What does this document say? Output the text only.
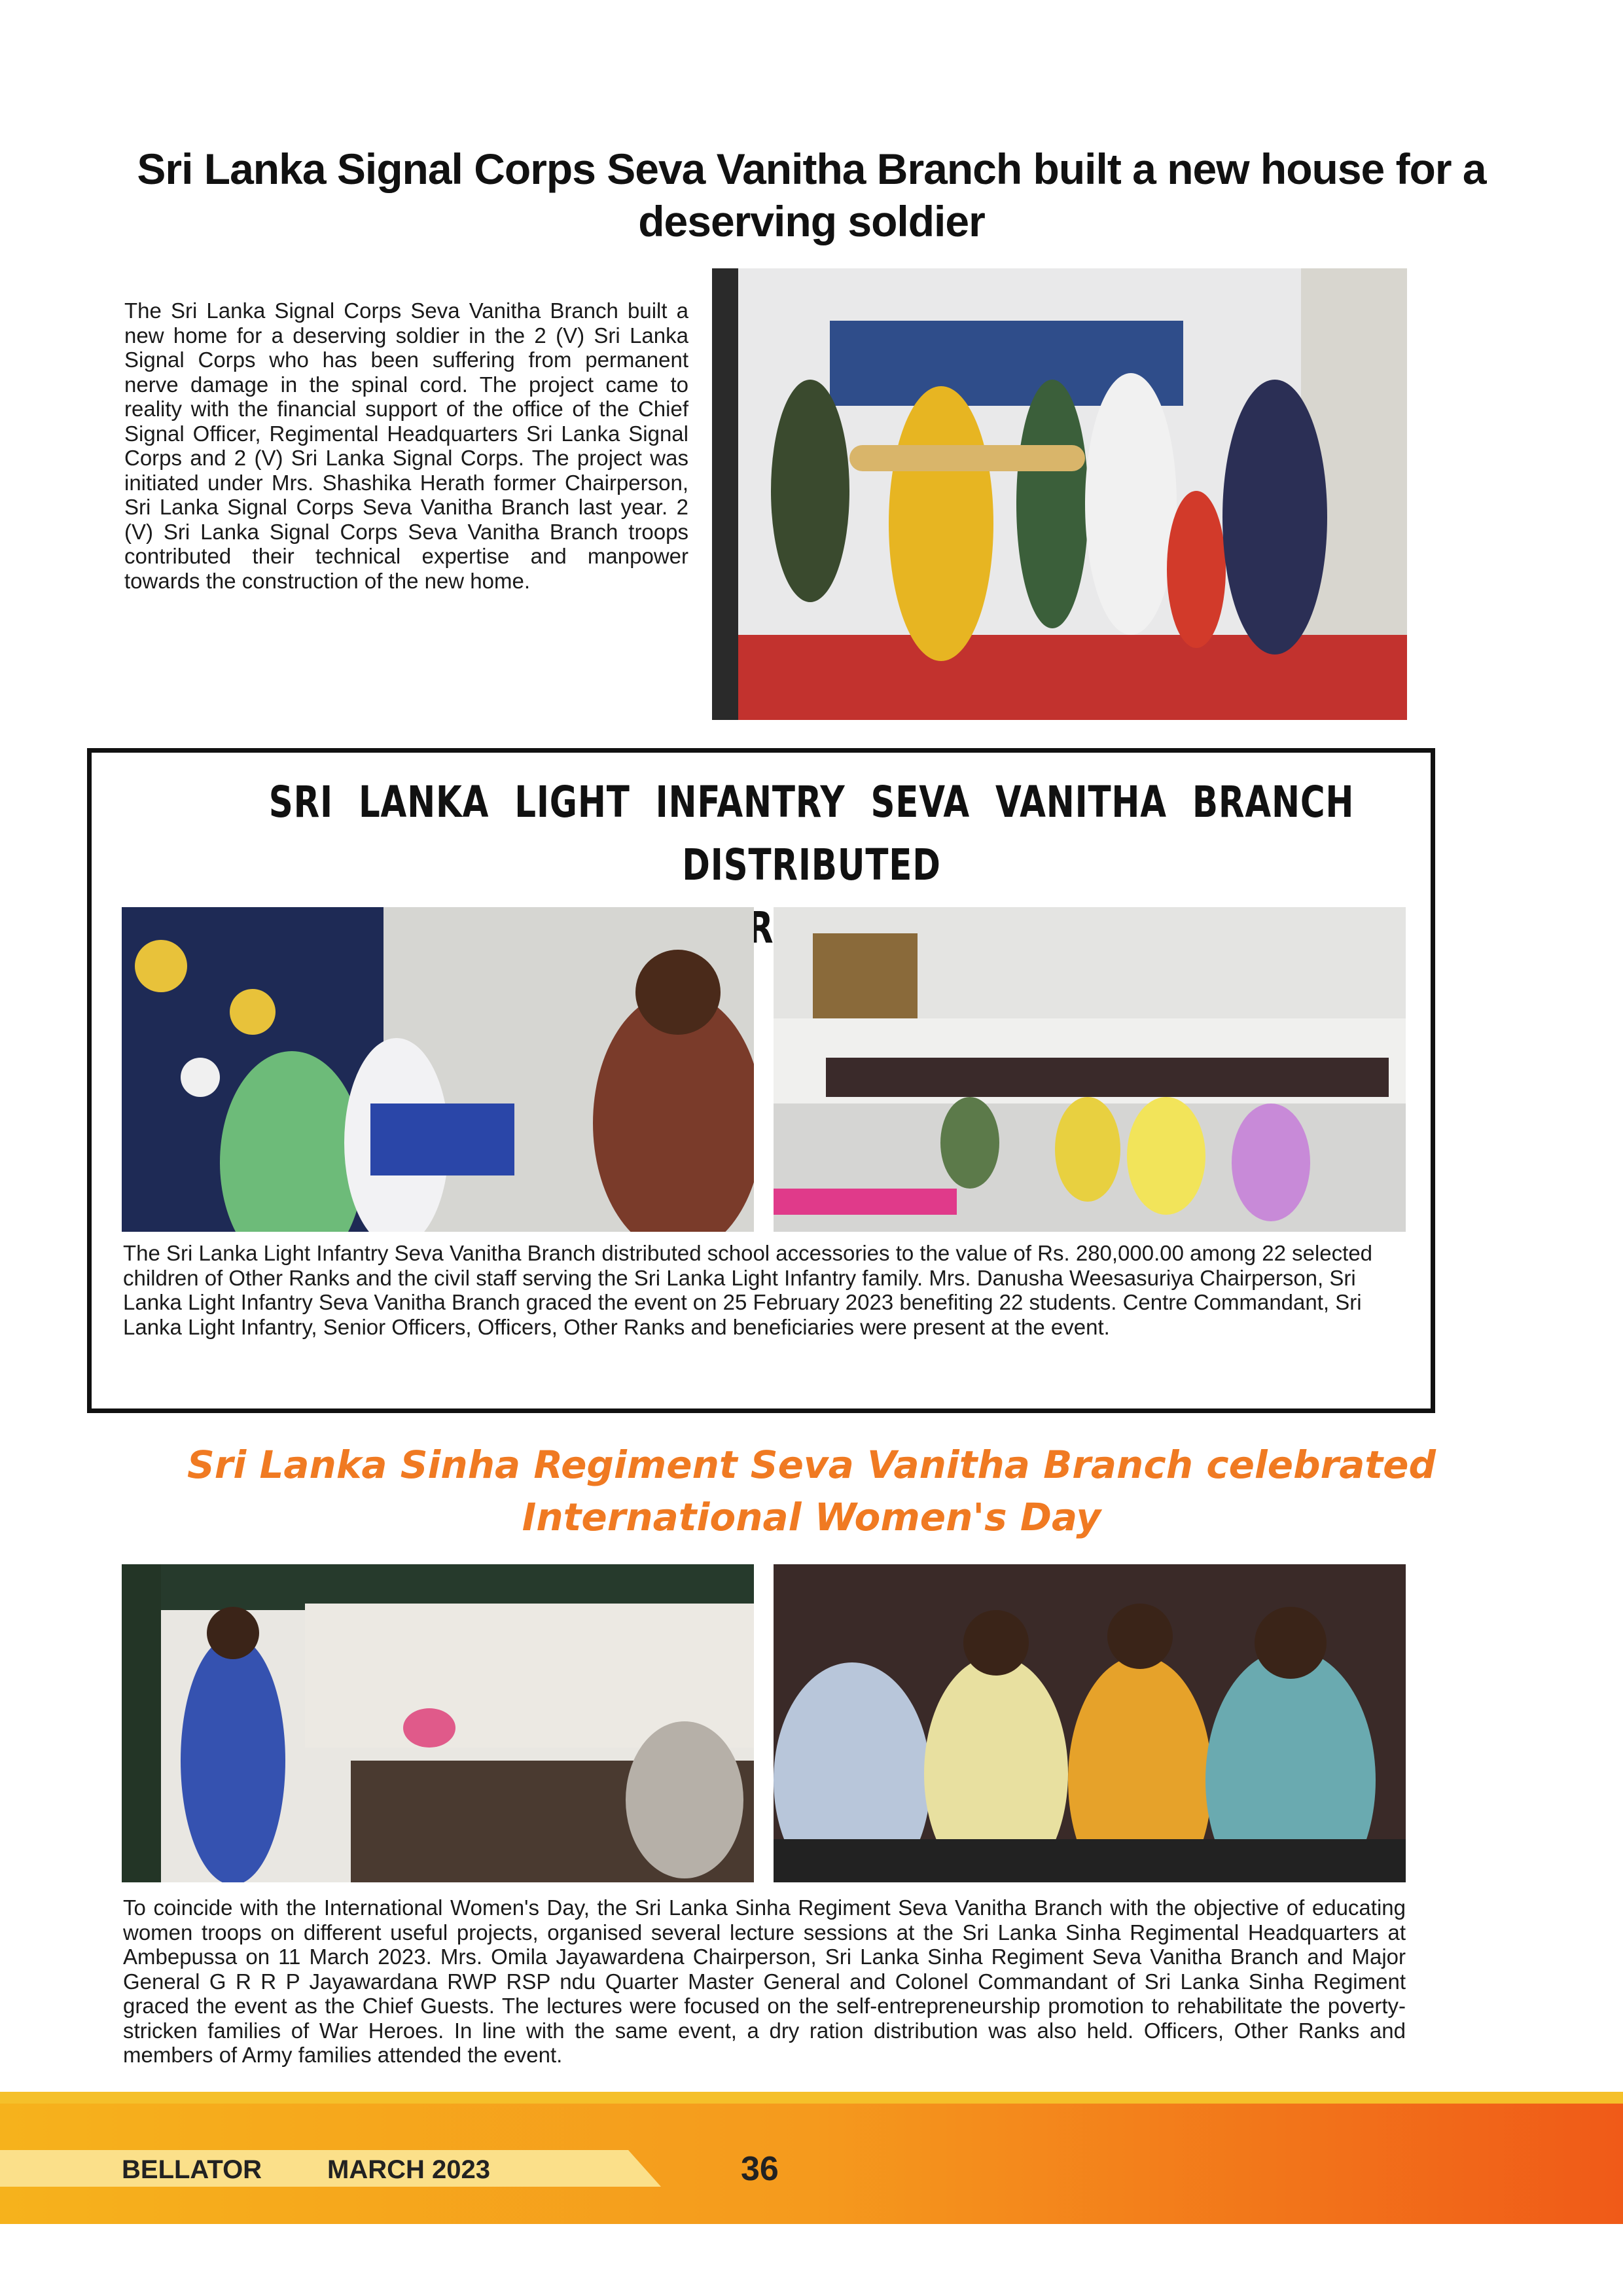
Sri Lanka Signal Corps Seva Vanitha Branch built a new house for a deserving soldier
The Sri Lanka Signal Corps Seva Vanitha Branch built a new home for a deserving soldier in the 2 (V) Sri Lanka Signal Corps who has been suffering from permanent nerve damage in the spinal cord. The project came to reality with the financial support of the office of the Chief Signal Officer, Regimental Headquarters Sri Lanka Signal Corps and 2 (V) Sri Lanka Signal Corps. The project was initiated under Mrs. Shashika Herath former Chairperson, Sri Lanka Signal Corps Seva Vanitha Branch last year. 2 (V) Sri Lanka Signal Corps Seva Vanitha Branch troops contributed their technical expertise and manpower towards the construction of the new home.
SRI LANKA LIGHT INFANTRY SEVA VANITHA BRANCH DISTRIBUTED
The Sri Lanka Light Infantry Seva Vanitha Branch distributed school accessories to the value of Rs. 280,000.00 among 22 selected children of Other Ranks and the civil staff serving the Sri Lanka Light Infantry family. Mrs. Danusha Weesasuriya Chairperson, Sri Lanka Light Infantry Seva Vanitha Branch graced the event on 25 February 2023 benefiting 22 students. Centre Commandant, Sri Lanka Light Infantry, Senior Officers, Officers, Other Ranks and beneficiaries were present at the event.
Sri Lanka Sinha Regiment Seva Vanitha Branch celebrated
International Women's Day
To coincide with the International Women's Day, the Sri Lanka Sinha Regiment Seva Vanitha Branch with the objective of educating women troops on different useful projects, organised several lecture sessions at the Sri Lanka Sinha Regimental Headquarters at Ambepussa on 11 March 2023. Mrs. Omila Jayawardena Chairperson, Sri Lanka Sinha Regiment Seva Vanitha Branch and Major General G R R P Jayawardana RWP RSP ndu Quarter Master General and Colonel Commandant of Sri Lanka Sinha Regiment graced the event as the Chief Guests. The lectures were focused on the self-entrepreneurship promotion to rehabilitate the poverty-stricken families of War Heroes. In line with the same event, a dry ration distribution was also held. Officers, Other Ranks and members of Army families attended the event.
BELLATOR MARCH 2023	36
